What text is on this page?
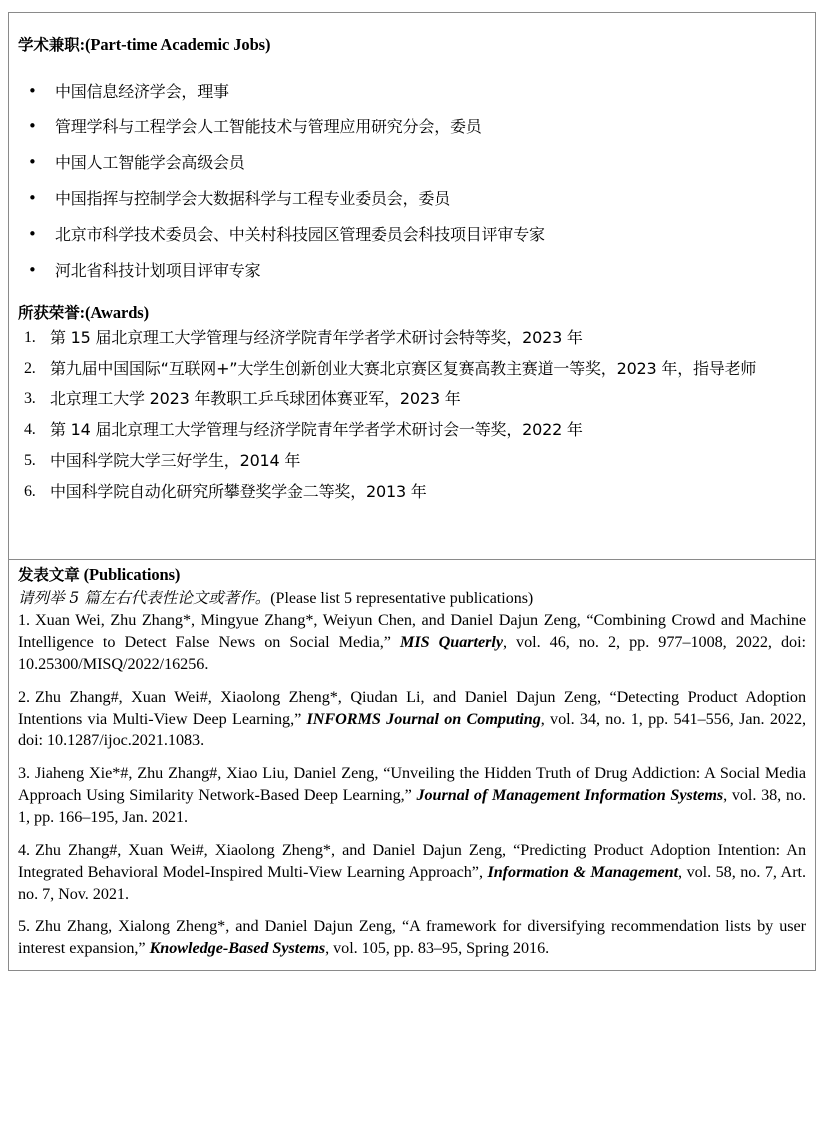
学术兼职:(Part-time Academic Jobs)
• 中国信息经济学会，理事
• 管理学科与工程学会人工智能技术与管理应用研究分会，委员
• 中国人工智能学会高级会员
• 中国指挥与控制学会大数据科学与工程专业委员会，委员
• 北京市科学技术委员会、中关村科技园区管理委员会科技项目评审专家
• 河北省科技计划项目评审专家
所获荣誉:(Awards)
1. 第 15 届北京理工大学管理与经济学院青年学者学术研讨会特等奖，2023 年
2. 第九届中国国际“互联网+”大学生创新创业大赛北京赛区复赛高教主赛道一等奖，2023 年，指导老师
3. 北京理工大学 2023 年教职工乒乓球团体赛亚军，2023 年
4. 第 14 届北京理工大学管理与经济学院青年学者学术研讨会一等奖，2022 年
5. 中国科学院大学三好学生，2014 年
6. 中国科学院自动化研究所攀登奖学金二等奖，2013 年

发表文章 (Publications)

请列举 5 篇左右代表性论文或著作。(Please list 5 representative publications)

1. Xuan Wei, Zhu Zhang*, Mingyue Zhang*, Weiyun Chen, and Daniel Dajun Zeng, “Combining Crowd and Machine Intelligence to Detect False News on Social Media,” MIS Quarterly, vol. 46, no. 2, pp. 977–1008, 2022, doi: 10.25300/MISQ/2022/16256.
2. Zhu Zhang#, Xuan Wei#, Xiaolong Zheng*, Qiudan Li, and Daniel Dajun Zeng, “Detecting Product Adoption Intentions via Multi-View Deep Learning,” INFORMS Journal on Computing, vol. 34, no. 1, pp. 541–556, Jan. 2022, doi: 10.1287/ijoc.2021.1083.
3. Jiaheng Xie*#, Zhu Zhang#, Xiao Liu, Daniel Zeng, “Unveiling the Hidden Truth of Drug Addiction: A Social Media Approach Using Similarity Network-Based Deep Learning,” Journal of Management Information Systems, vol. 38, no. 1, pp. 166–195, Jan. 2021.
4. Zhu Zhang#, Xuan Wei#, Xiaolong Zheng*, and Daniel Dajun Zeng, “Predicting Product Adoption Intention: An Integrated Behavioral Model-Inspired Multi-View Learning Approach”, Information & Management, vol. 58, no. 7, Art. no. 7, Nov. 2021.
5. Zhu Zhang, Xialong Zheng*, and Daniel Dajun Zeng, “A framework for diversifying recommendation lists by user interest expansion,” Knowledge-Based Systems, vol. 105, pp. 83–95, Spring 2016.
